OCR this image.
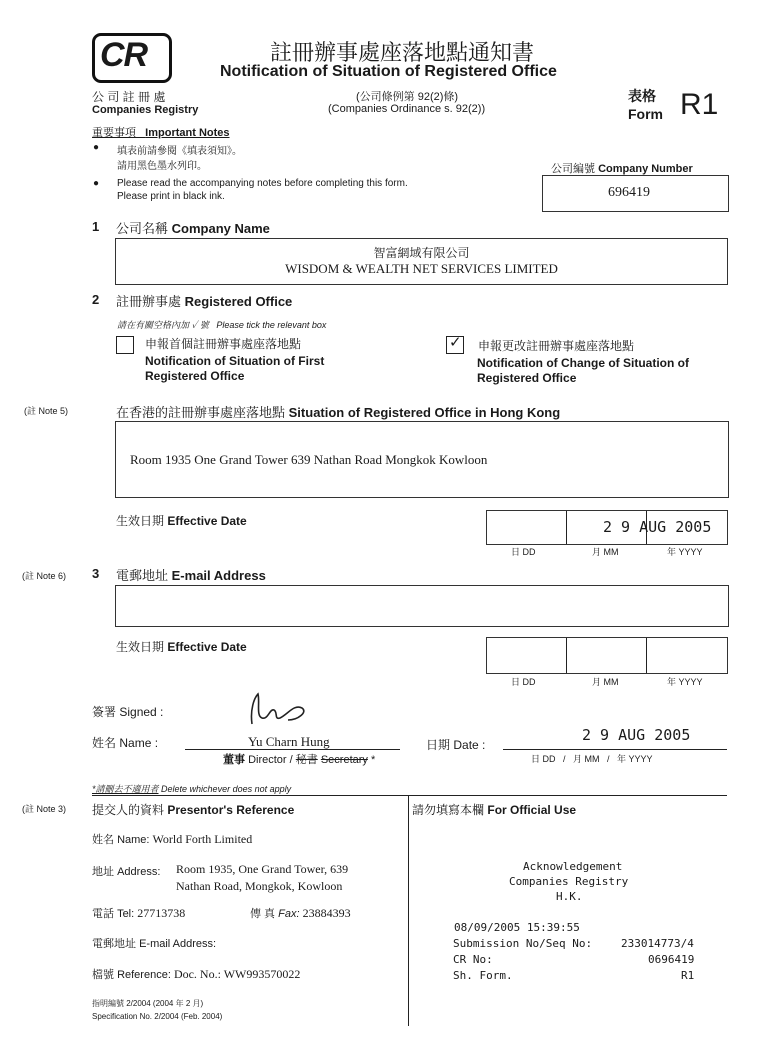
CR	註冊辦事處座落地點通知書
Notification of Situation of Registered Office
公 司 註 冊 處
Companies Registry
(公司條例第 92(2)條)
(Companies Ordinance s. 92(2))
表格
Form R1
重要事項 Important Notes
● 填表前請參閱《填表須知》。
請用黑色墨水列印。
● Please read the accompanying notes before completing this form.
Please print in black ink.
公司編號 Company Number
696419
1 公司名稱 Company Name
智富網域有限公司
WISDOM & WEALTH NET SERVICES LIMITED
2 註冊辦事處 Registered Office
請在有關空格內加 ✓ 號 Please tick the relevant box
申報首個註冊辦事處座落地點
Notification of Situation of First
Registered Office
✓ 申報更改註冊辦事處座落地點
Notification of Change of Situation of
Registered Office
(註 Note 5)	在香港的註冊辦事處座落地點 Situation of Registered Office in Hong Kong
Room 1935 One Grand Tower 639 Nathan Road Mongkok Kowloon
生效日期 Effective Date	2 9 AUG 2005
日 DD	月 MM	年 YYYY
(註 Note 6) 3 電郵地址 E-mail Address
生效日期 Effective Date
日 DD	月 MM	年 YYYY
簽署 Signed :
姓名 Name :	Yu Charn Hung
董事 Director / 秘書 Secretary *
日期 Date :
2 9 AUG 2005
日 DD   /   月 MM   /   年 YYYY
*請刪去不適用者 Delete whichever does not apply
(註 Note 3) 提交人的資料 Presentor's Reference
姓名 Name: World Forth Limited
地址 Address: Room 1935, One Grand Tower, 639
Nathan Road, Mongkok, Kowloon
電話 Tel: 27713738	傳 真 Fax: 23884393
電郵地址 E-mail Address:
檔號 Reference: Doc. No.: WW993570022
請勿填寫本欄 For Official Use
Acknowledgement
Companies Registry
H.K.
08/09/2005 15:39:55
Submission No/Seq No:	233014773/4
CR No:	0696419
Sh. Form.	R1
指明編號 2/2004 (2004 年 2 月)
Specification No. 2/2004 (Feb. 2004)
